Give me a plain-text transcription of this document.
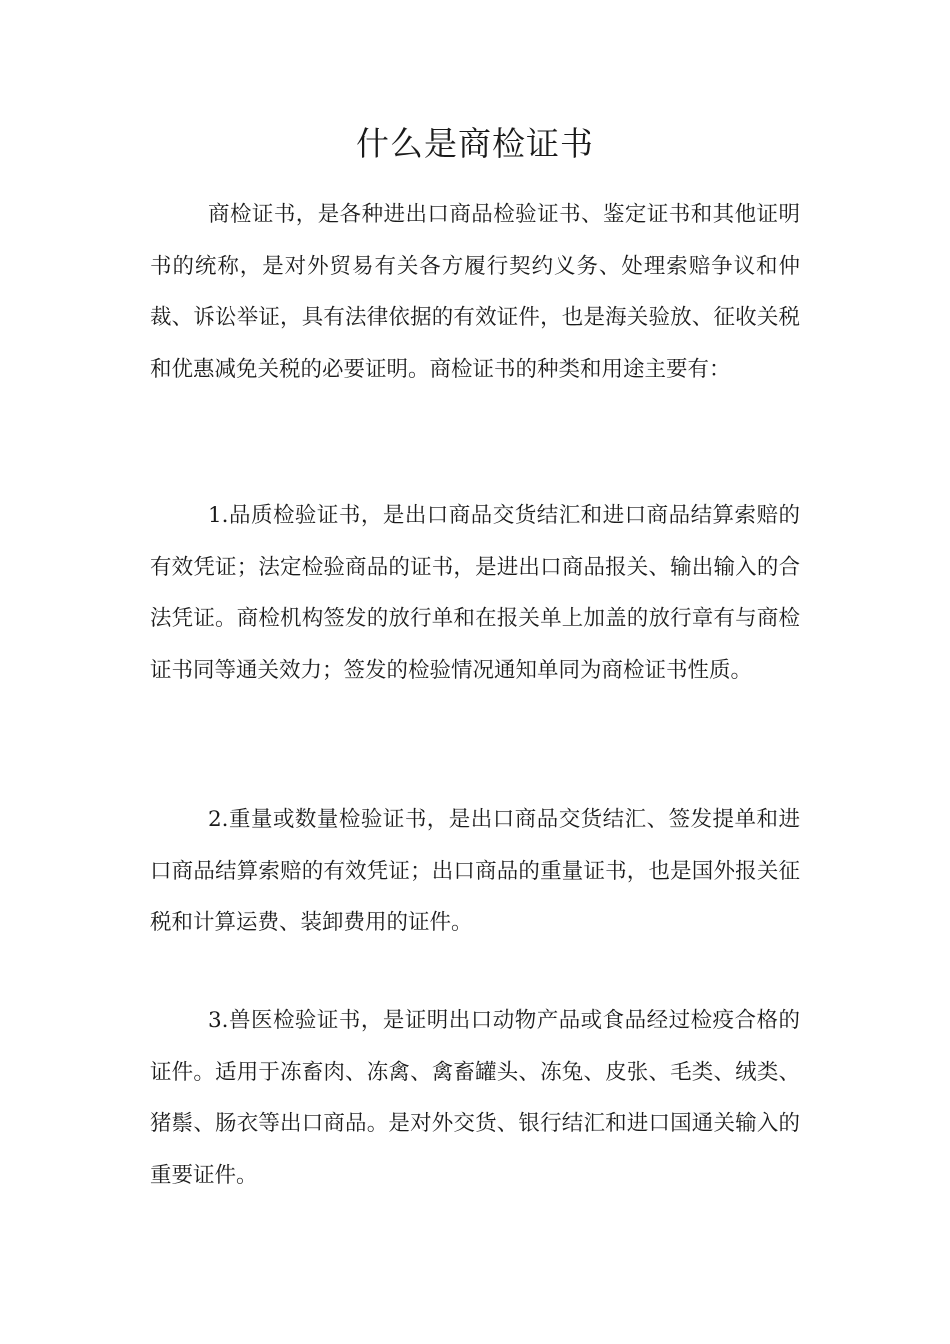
什么是商检证书

商检证书，是各种进出口商品检验证书、鉴定证书和其他证明书的统称，是对外贸易有关各方履行契约义务、处理索赔争议和仲裁、诉讼举证，具有法律依据的有效证件，也是海关验放、征收关税和优惠减免关税的必要证明。商检证书的种类和用途主要有：

1.品质检验证书，是出口商品交货结汇和进口商品结算索赔的有效凭证；法定检验商品的证书，是进出口商品报关、输出输入的合法凭证。商检机构签发的放行单和在报关单上加盖的放行章有与商检证书同等通关效力；签发的检验情况通知单同为商检证书性质。

2.重量或数量检验证书，是出口商品交货结汇、签发提单和进口商品结算索赔的有效凭证；出口商品的重量证书，也是国外报关征税和计算运费、装卸费用的证件。

3.兽医检验证书，是证明出口动物产品或食品经过检疫合格的证件。适用于冻畜肉、冻禽、禽畜罐头、冻兔、皮张、毛类、绒类、猪鬃、肠衣等出口商品。是对外交货、银行结汇和进口国通关输入的重要证件。
